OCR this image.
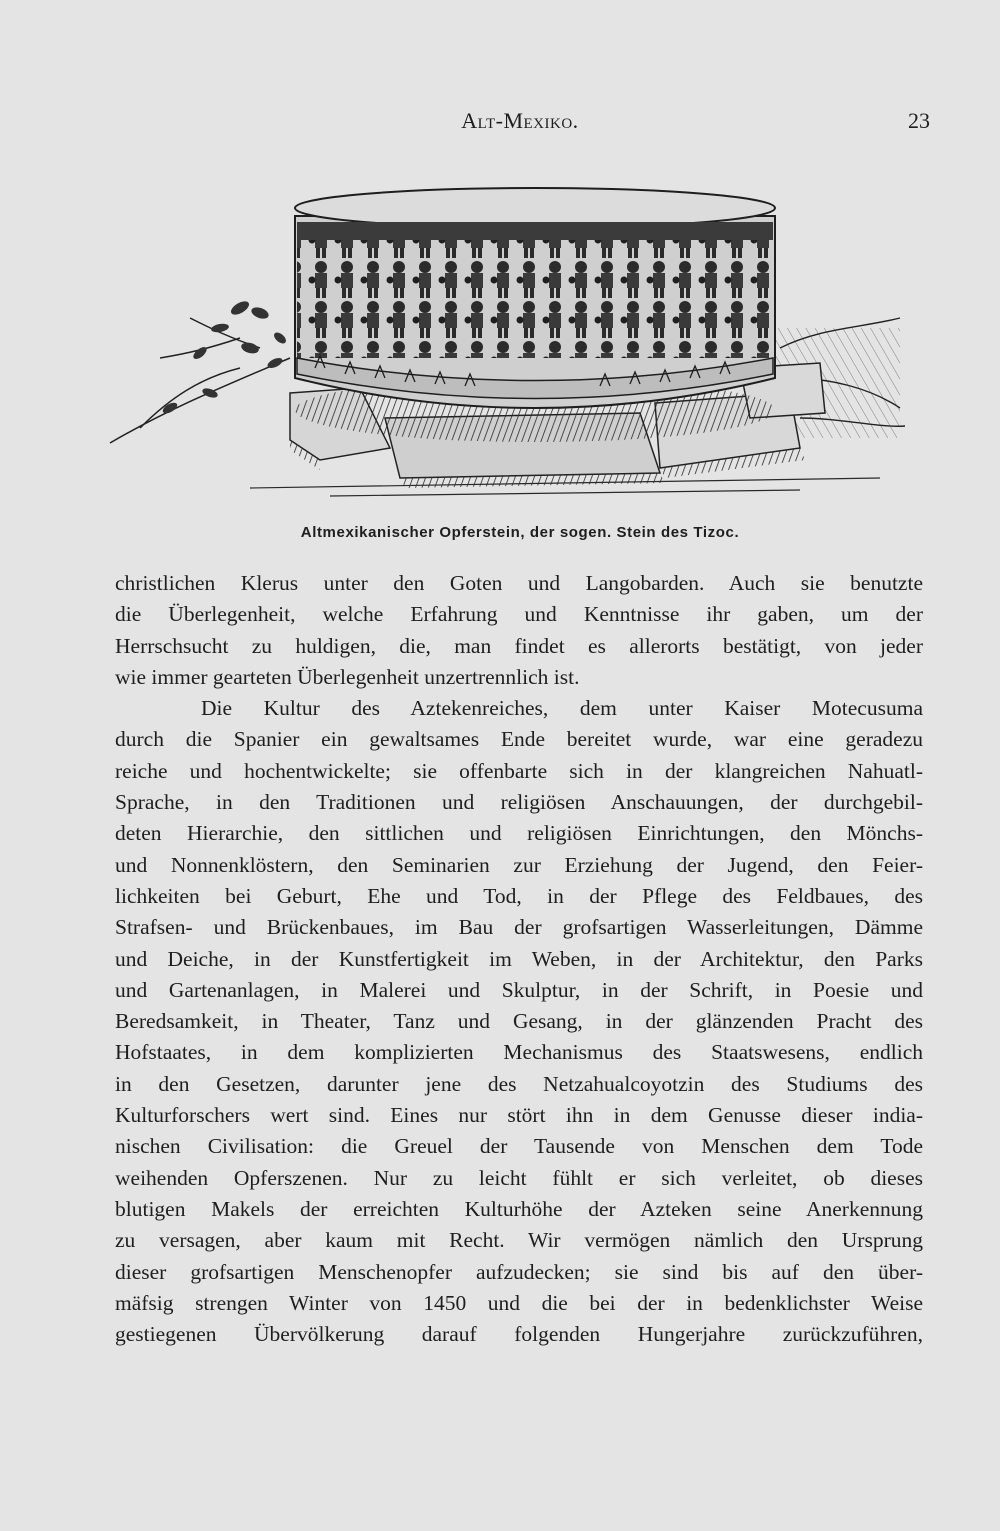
Alt-Mexiko.	23
Altmexikanischer Opferstein, der sogen. Stein des Tizoc.
christlichen Klerus unter den Goten und Langobarden. Auch sie benutzte
die Überlegenheit, welche Erfahrung und Kenntnisse ihr gaben, um der
Herrschsucht zu huldigen, die, man findet es allerorts bestätigt, von jeder
wie immer gearteten Überlegenheit unzertrennlich ist.
Die Kultur des Aztekenreiches, dem unter Kaiser Motecusuma
durch die Spanier ein gewaltsames Ende bereitet wurde, war eine geradezu
reiche und hochentwickelte; sie offenbarte sich in der klangreichen Nahuatl-
Sprache, in den Traditionen und religiösen Anschauungen, der durchgebil-
deten Hierarchie, den sittlichen und religiösen Einrichtungen, den Mönchs-
und Nonnenklöstern, den Seminarien zur Erziehung der Jugend, den Feier-
lichkeiten bei Geburt, Ehe und Tod, in der Pflege des Feldbaues, des
Strafsen- und Brückenbaues, im Bau der grofsartigen Wasserleitungen, Dämme
und Deiche, in der Kunstfertigkeit im Weben, in der Architektur, den Parks
und Gartenanlagen, in Malerei und Skulptur, in der Schrift, in Poesie und
Beredsamkeit, in Theater, Tanz und Gesang, in der glänzenden Pracht des
Hofstaates, in dem komplizierten Mechanismus des Staatswesens, endlich
in den Gesetzen, darunter jene des Netzahualcoyotzin des Studiums des
Kulturforschers wert sind. Eines nur stört ihn in dem Genusse dieser india-
nischen Civilisation: die Greuel der Tausende von Menschen dem Tode
weihenden Opferszenen. Nur zu leicht fühlt er sich verleitet, ob dieses
blutigen Makels der erreichten Kulturhöhe der Azteken seine Anerkennung
zu versagen, aber kaum mit Recht. Wir vermögen nämlich den Ursprung
dieser grofsartigen Menschenopfer aufzudecken; sie sind bis auf den über-
mäfsig strengen Winter von 1450 und die bei der in bedenklichster Weise
gestiegenen Übervölkerung darauf folgenden Hungerjahre zurückzuführen,
